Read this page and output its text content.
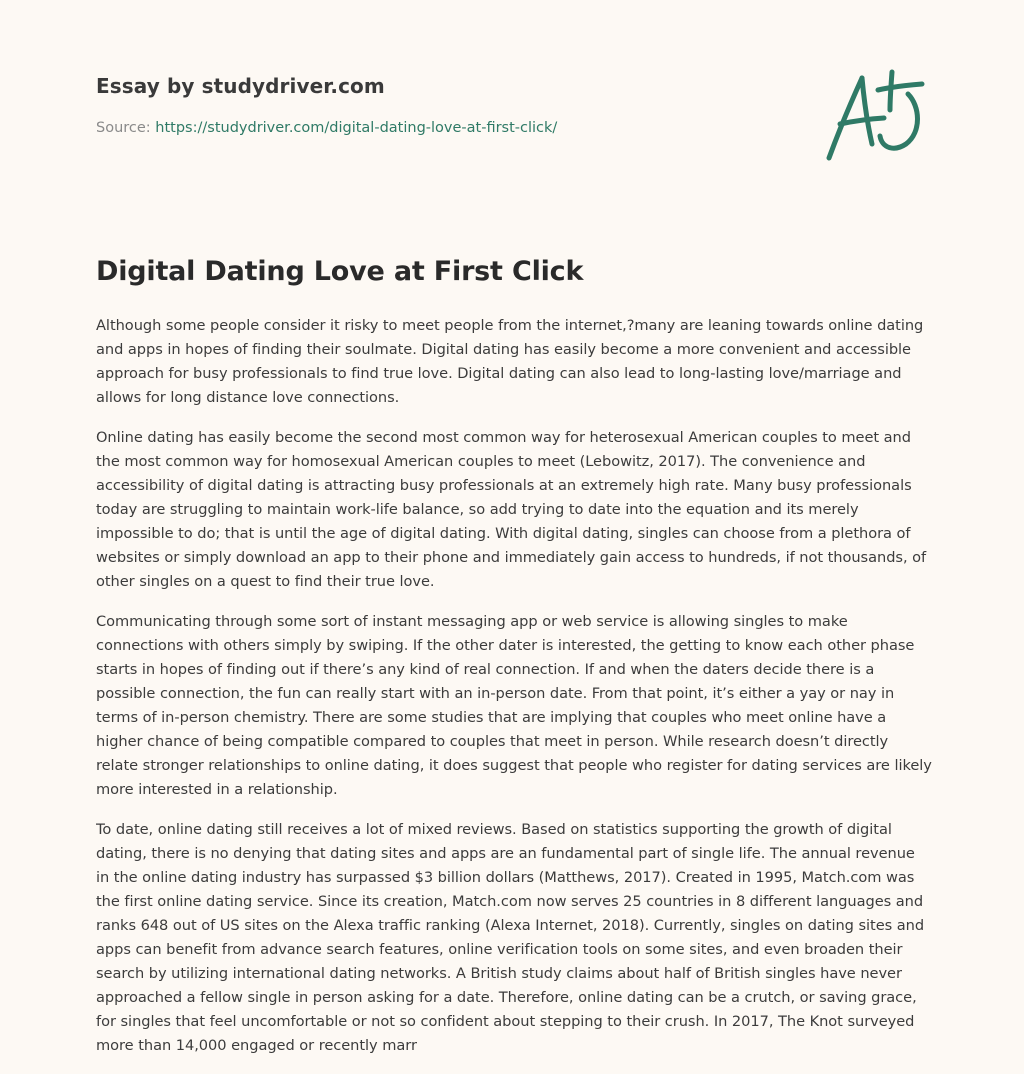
Essay by studydriver.com
Source: https://studydriver.com/digital-dating-love-at-first-click/
Digital Dating Love at First Click

Although some people consider it risky to meet people from the internet,?many are leaning towards online dating and apps in hopes of finding their soulmate. Digital dating has easily become a more convenient and accessible approach for busy professionals to find true love. Digital dating can also lead to long-lasting love/marriage and allows for long distance love connections.

Online dating has easily become the second most common way for heterosexual American couples to meet and the most common way for homosexual American couples to meet (Lebowitz, 2017). The convenience and accessibility of digital dating is attracting busy professionals at an extremely high rate. Many busy professionals today are struggling to maintain work-life balance, so add trying to date into the equation and its merely impossible to do; that is until the age of digital dating. With digital dating, singles can choose from a plethora of websites or simply download an app to their phone and immediately gain access to hundreds, if not thousands, of other singles on a quest to find their true love.

Communicating through some sort of instant messaging app or web service is allowing singles to make connections with others simply by swiping. If the other dater is interested, the getting to know each other phase starts in hopes of finding out if there’s any kind of real connection. If and when the daters decide there is a possible connection, the fun can really start with an in-person date. From that point, it’s either a yay or nay in terms of in-person chemistry. There are some studies that are implying that couples who meet online have a higher chance of being compatible compared to couples that meet in person. While research doesn’t directly relate stronger relationships to online dating, it does suggest that people who register for dating services are likely more interested in a relationship.

To date, online dating still receives a lot of mixed reviews. Based on statistics supporting the growth of digital dating, there is no denying that dating sites and apps are an fundamental part of single life. The annual revenue in the online dating industry has surpassed $3 billion dollars (Matthews, 2017). Created in 1995, Match.com was the first online dating service. Since its creation, Match.com now serves 25 countries in 8 different languages and ranks 648 out of US sites on the Alexa traffic ranking (Alexa Internet, 2018). Currently, singles on dating sites and apps can benefit from advance search features, online verification tools on some sites, and even broaden their search by utilizing international dating networks. A British study claims about half of British singles have never approached a fellow single in person asking for a date. Therefore, online dating can be a crutch, or saving grace, for singles that feel uncomfortable or not so confident about stepping to their crush. In 2017, The Knot surveyed more than 14,000 engaged or recently marr
